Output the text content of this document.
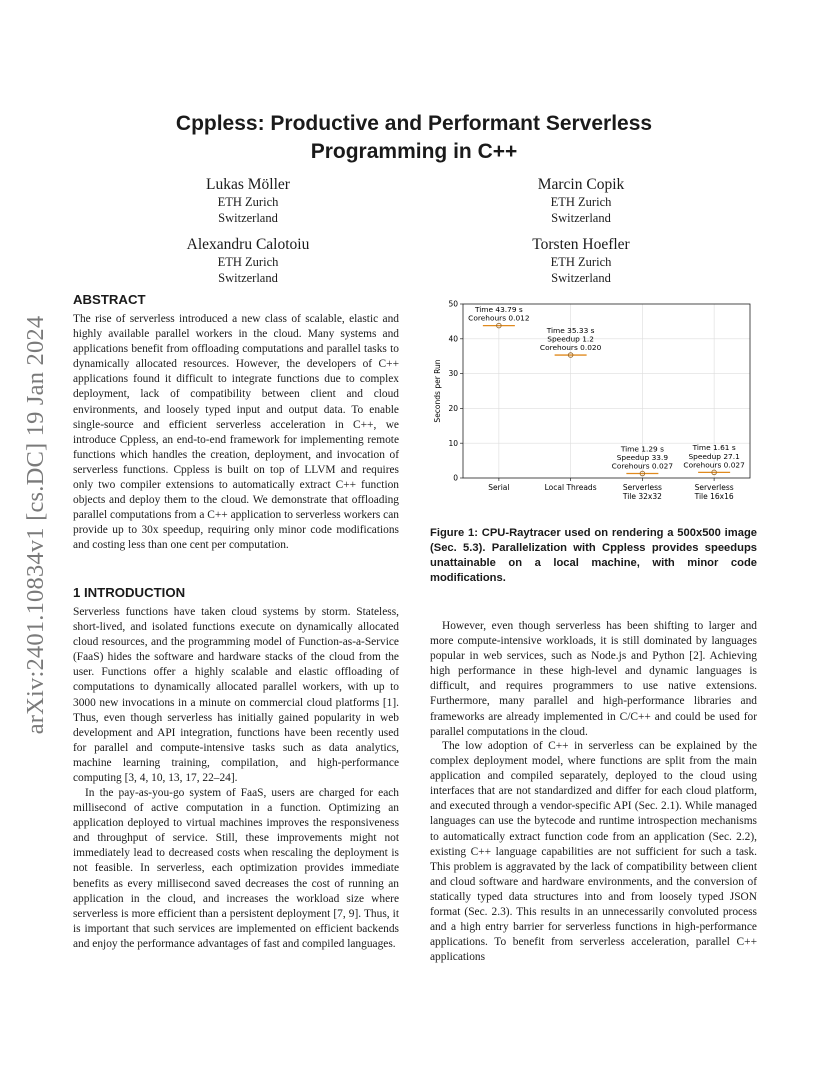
Cppless: Productive and Performant Serverless
Programming in C++
Lukas Möller
ETH Zurich
Switzerland
Marcin Copik
ETH Zurich
Switzerland
Alexandru Calotoiu
ETH Zurich
Switzerland
Torsten Hoefler
ETH Zurich
Switzerland
arXiv:2401.10834v1 [cs.DC] 19 Jan 2024
ABSTRACT
The rise of serverless introduced a new class of scalable, elastic and highly available parallel workers in the cloud. Many systems and applications benefit from offloading computations and parallel tasks to dynamically allocated resources. However, the developers of C++ applications found it difficult to integrate functions due to complex deployment, lack of compatibility between client and cloud environments, and loosely typed input and output data. To enable single-source and efficient serverless acceleration in C++, we introduce Cppless, an end-to-end framework for implementing remote functions which handles the creation, deployment, and invocation of serverless functions. Cppless is built on top of LLVM and requires only two compiler extensions to automatically extract C++ function objects and deploy them to the cloud. We demonstrate that offloading parallel computations from a C++ application to serverless workers can provide up to 30x speedup, requiring only minor code modifications and costing less than one cent per computation.
1 INTRODUCTION
Serverless functions have taken cloud systems by storm. Stateless, short-lived, and isolated functions execute on dynamically allocated cloud resources, and the programming model of Function-as-a-Service (FaaS) hides the software and hardware stacks of the cloud from the user. Functions offer a highly scalable and elastic offloading of computations to dynamically allocated parallel workers, with up to 3000 new invocations in a minute on commercial cloud platforms [1]. Thus, even though serverless has initially gained popularity in web development and API integration, functions have been recently used for parallel and compute-intensive tasks such as data analytics, machine learning training, compilation, and high-performance computing [3, 4, 10, 13, 17, 22–24].
In the pay-as-you-go system of FaaS, users are charged for each millisecond of active computation in a function. Optimizing an application deployed to virtual machines improves the responsiveness and throughput of service. Still, these improvements might not immediately lead to decreased costs when rescaling the deployment is not feasible. In serverless, each optimization provides immediate benefits as every millisecond saved decreases the cost of running an application in the cloud, and increases the workload size where serverless is more efficient than a persistent deployment [7, 9]. Thus, it is important that such services are implemented on efficient backends and enjoy the performance advantages of fast and compiled languages.
0
10
20
30
40
50
Serial	Local Threads	Serverless
Tile 32x32
Serverless
Tile 16x16
Time 43.79 s
Corehours 0.012
Time 35.33 s
Speedup 1.2
Corehours 0.020
Time 1.29 s
Speedup 33.9
Corehours 0.027
Time 1.61 s
Speedup 27.1
Corehours 0.027
Seconds per Run
Figure 1: CPU-Raytracer used on rendering a 500x500 image (Sec. 5.3). Parallelization with Cppless provides speedups unattainable on a local machine, with minor code modifications.
However, even though serverless has been shifting to larger and more compute-intensive workloads, it is still dominated by languages popular in web services, such as Node.js and Python [2]. Achieving high performance in these high-level and dynamic languages is difficult, and requires programmers to use native extensions. Furthermore, many parallel and high-performance libraries and frameworks are already implemented in C/C++ and could be used for parallel computations in the cloud.
The low adoption of C++ in serverless can be explained by the complex deployment model, where functions are split from the main application and compiled separately, deployed to the cloud using interfaces that are not standardized and differ for each cloud platform, and executed through a vendor-specific API (Sec. 2.1). While managed languages can use the bytecode and runtime introspection mechanisms to automatically extract function code from an application (Sec. 2.2), existing C++ language capabilities are not sufficient for such a task. This problem is aggravated by the lack of compatibility between client and cloud software and hardware environments, and the conversion of statically typed data structures into and from loosely typed JSON format (Sec. 2.3). This results in an unnecessarily convoluted process and a high entry barrier for serverless functions in high-performance applications. To benefit from serverless acceleration, parallel C++ applications
